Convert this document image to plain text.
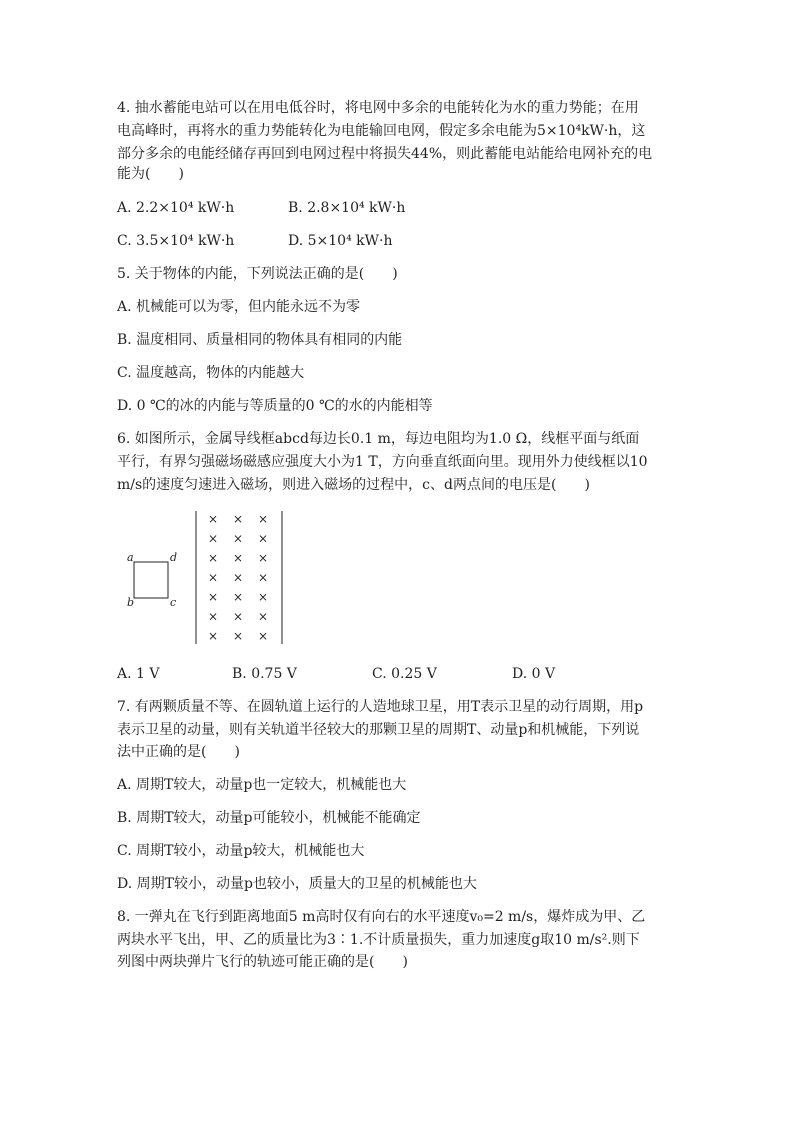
4. 抽水蓄能电站可以在用电低谷时，将电网中多余的电能转化为水的重力势能；在用
电高峰时，再将水的重力势能转化为电能输回电网，假定多余电能为5×10⁴kW·h，这
部分多余的电能经储存再回到电网过程中将损失44%，则此蓄能电站能给电网补充的电
能为(　　)
A. 2.2×10⁴ kW·h	B. 2.8×10⁴ kW·h
C. 3.5×10⁴ kW·h	D. 5×10⁴ kW·h
5. 关于物体的内能，下列说法正确的是(　　)
A. 机械能可以为零，但内能永远不为零
B. 温度相同、质量相同的物体具有相同的内能
C. 温度越高，物体的内能越大
D. 0 ℃的冰的内能与等质量的0 ℃的水的内能相等
6. 如图所示，金属导线框abcd每边长0.1 m，每边电阻均为1.0 Ω，线框平面与纸面
平行，有界匀强磁场磁感应强度大小为1 T，方向垂直纸面向里。现用外力使线框以10
m/s的速度匀速进入磁场，则进入磁场的过程中，c、d两点间的电压是(　　)
a	d
b	c
× × ×
× × ×
× × ×
× × ×
× × ×
× × ×
× × ×
A. 1 V	B. 0.75 V	C. 0.25 V	D. 0 V
7. 有两颗质量不等、在圆轨道上运行的人造地球卫星，用T表示卫星的动行周期，用p
表示卫星的动量，则有关轨道半径较大的那颗卫星的周期T、动量p和机械能，下列说
法中正确的是(　　)
A. 周期T较大，动量p也一定较大，机械能也大
B. 周期T较大，动量p可能较小，机械能不能确定
C. 周期T较小，动量p较大，机械能也大
D. 周期T较小，动量p也较小，质量大的卫星的机械能也大
8. 一弹丸在飞行到距离地面5 m高时仅有向右的水平速度v₀=2 m/s，爆炸成为甲、乙
两块水平飞出，甲、乙的质量比为3∶1.不计质量损失，重力加速度g取10 m/s².则下
列图中两块弹片飞行的轨迹可能正确的是(　　)
